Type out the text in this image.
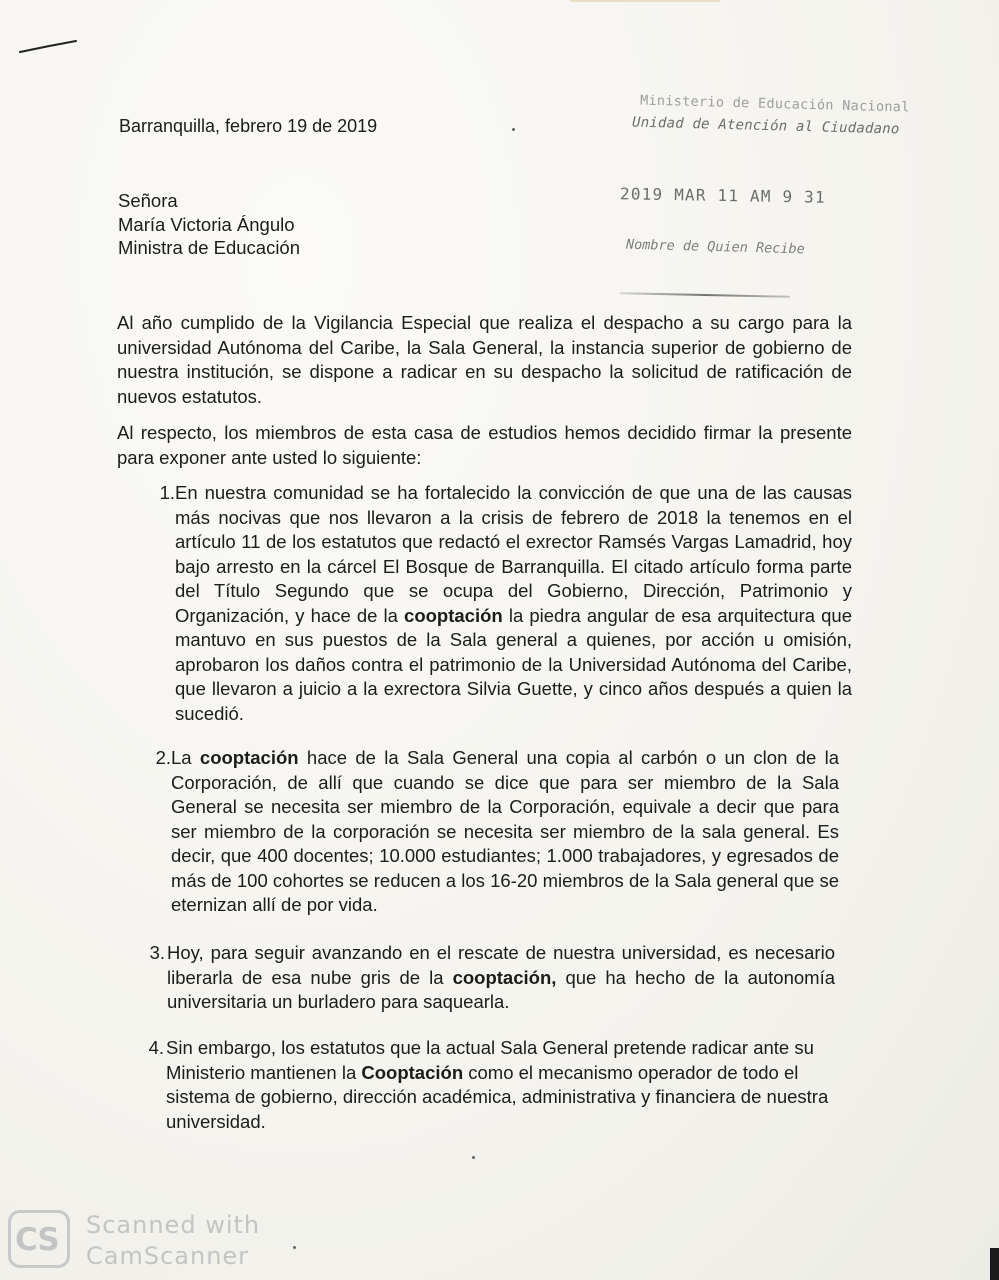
Barranquilla, febrero 19 de 2019
Ministerio de Educación Nacional
Unidad de Atención al Ciudadano
2019 MAR 11 AM 9 31
Nombre de Quien Recibe
Señora
María Victoria Ángulo
Ministra de Educación
Al año cumplido de la Vigilancia Especial que realiza el despacho a su cargo para la universidad Autónoma del Caribe, la Sala General, la instancia superior de gobierno de nuestra institución, se dispone a radicar en su despacho la solicitud de ratificación de nuevos estatutos.
Al respecto, los miembros de esta casa de estudios hemos decidido firmar la presente para exponer ante usted lo siguiente:
1. En nuestra comunidad se ha fortalecido la convicción de que una de las causas más nocivas que nos llevaron a la crisis de febrero de 2018 la tenemos en el artículo 11 de los estatutos que redactó el exrector Ramsés Vargas Lamadrid, hoy bajo arresto en la cárcel El Bosque de Barranquilla. El citado artículo forma parte del Título Segundo que se ocupa del Gobierno, Dirección, Patrimonio y Organización, y hace de la cooptación la piedra angular de esa arquitectura que mantuvo en sus puestos de la Sala general a quienes, por acción u omisión, aprobaron los daños contra el patrimonio de la Universidad Autónoma del Caribe, que llevaron a juicio a la exrectora Silvia Guette, y cinco años después a quien la sucedió.
2. La cooptación hace de la Sala General una copia al carbón o un clon de la Corporación, de allí que cuando se dice que para ser miembro de la Sala General se necesita ser miembro de la Corporación, equivale a decir que para ser miembro de la corporación se necesita ser miembro de la sala general. Es decir, que 400 docentes; 10.000 estudiantes; 1.000 trabajadores, y egresados de más de 100 cohortes se reducen a los 16-20 miembros de la Sala general que se eternizan allí de por vida.
3. Hoy, para seguir avanzando en el rescate de nuestra universidad, es necesario liberarla de esa nube gris de la cooptación, que ha hecho de la autonomía universitaria un burladero para saquearla.
4. Sin embargo, los estatutos que la actual Sala General pretende radicar ante su Ministerio mantienen la Cooptación como el mecanismo operador de todo el sistema de gobierno, dirección académica, administrativa y financiera de nuestra universidad.
CS Scanned with
CamScanner
